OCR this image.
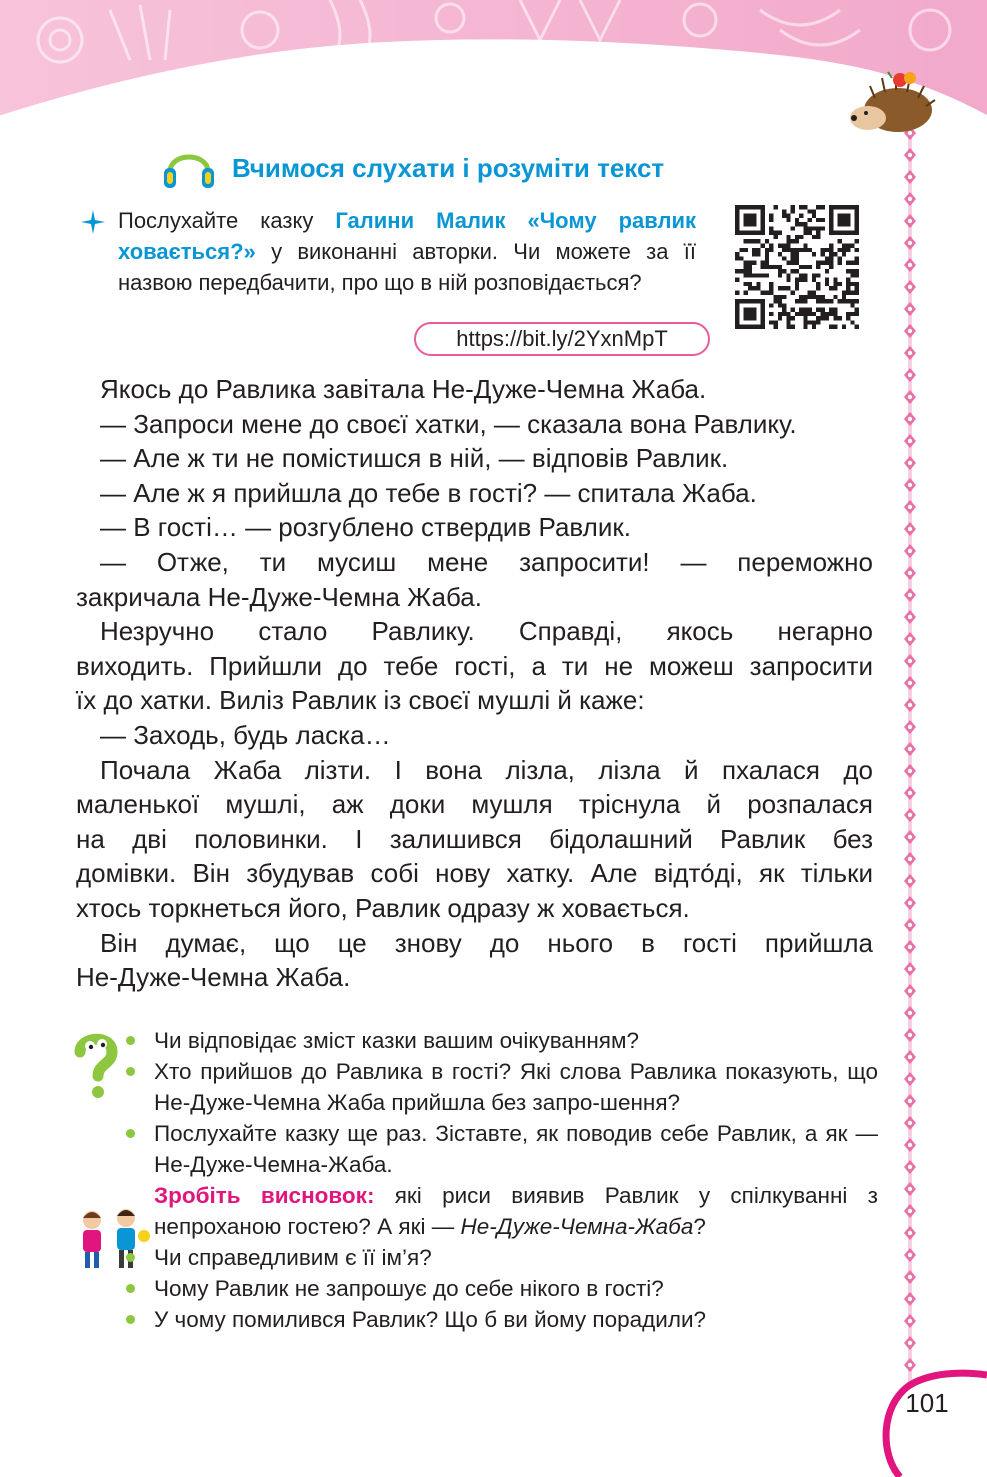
Вчимося слухати і розуміти текст
Послухайте казку Галини Малик «Чому равлик ховається?» у виконанні авторки. Чи можете за її назвою передбачити, про що в ній розповідається?
https://bit.ly/2YxnMpT

Якось до Равлика завітала Не-Дуже-Чемна Жаба.

— Запроси мене до своєї хатки, — сказала вона Равлику.

— Але ж ти не помістишся в ній, — відповів Равлик.

— Але ж я прийшла до тебе в гості? — спитала Жаба.

— В гості… — розгублено ствердив Равлик.

— Отже, ти мусиш мене запросити! — переможно

закричала Не-Дуже-Чемна Жаба.

Незручно стало Равлику. Справді, якось негарно

виходить. Прийшли до тебе гості, а ти не можеш запросити

їх до хатки. Виліз Равлик із своєї мушлі й каже:

— Заходь, будь ласка…

Почала Жаба лізти. І вона лізла, лізла й пхалася до

маленької мушлі, аж доки мушля тріснула й розпалася

на дві половинки. І залишився бідолашний Равлик без

домівки. Він збудував собі нову хатку. Але відто́ді, як тільки

хтось торкнеться його, Равлик одразу ж ховається.

Він думає, що це знову до нього в гості прийшла

Не-Дуже-Чемна Жаба.

Чи відповідає зміст казки вашим очікуванням?
Хто прийшов до Равлика в гості? Які слова Равлика показують, що Не-Дуже-Чемна Жаба прийшла без запро-шення?
Послухайте казку ще раз. Зіставте, як поводив себе Равлик, а як — Не-Дуже-Чемна-Жаба.
Зробіть висновок: які риси виявив Равлик у спілкуванні з непроханою гостею? А які — Не-Дуже-Чемна-Жаба?
Чи справедливим є її ім’я?
Чому Равлик не запрошує до себе нікого в гості?
У чому помилився Равлик? Що б ви йому порадили?
101
